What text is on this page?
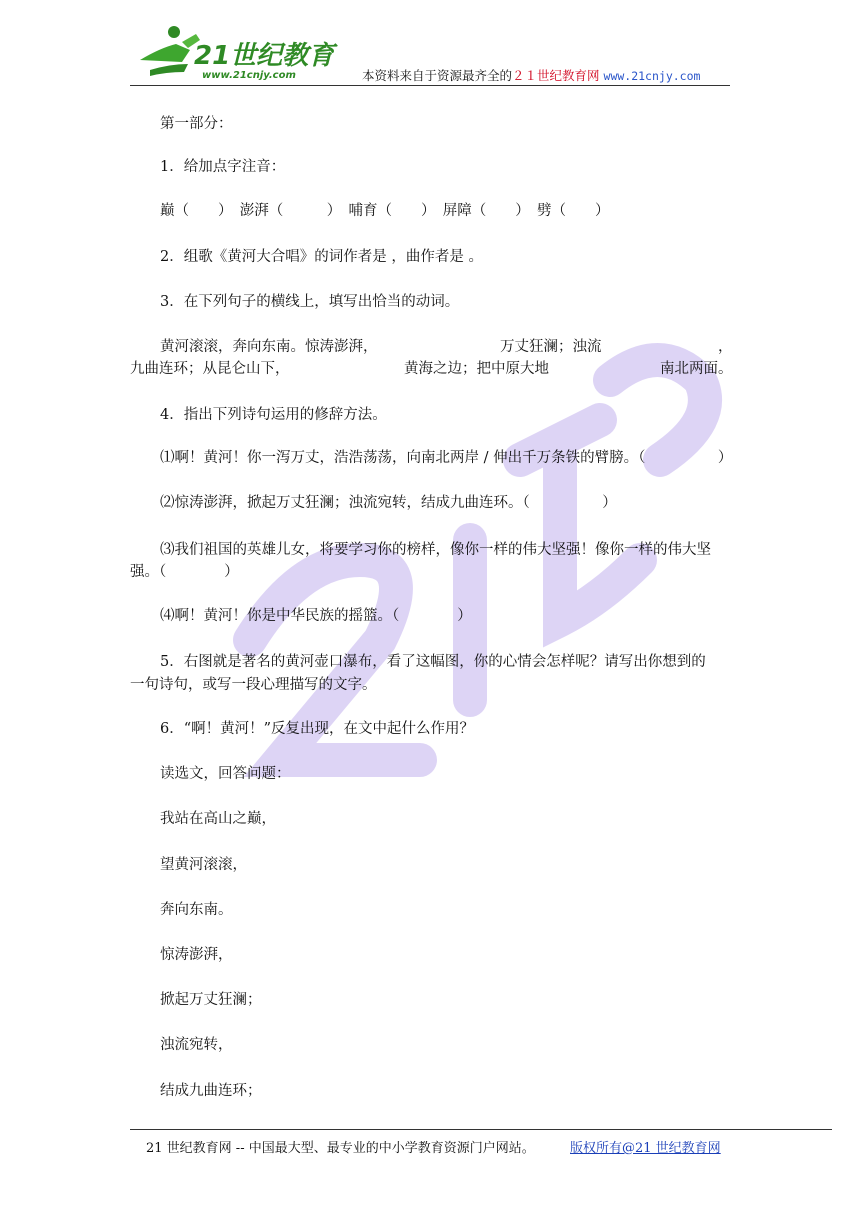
21世纪教育
www.21cnjy.com	本资料来自于资源最齐全的２１世纪教育网 www.21cnjy.com
第一部分：
1．给加点字注音：
巅（　　）　澎湃（　　　）　哺育（　　）　屏障（　　）　劈（　　）
2．组歌《黄河大合唱》的词作者是 ，曲作者是 。
3．在下列句子的横线上，填写出恰当的动词。
黄河滚滚，奔向东南。惊涛澎湃，	万丈狂澜；浊流	，
九曲连环；从昆仑山下，	黄海之边；把中原大地	南北两面。
4．指出下列诗句运用的修辞方法。
⑴啊！黄河！你一泻万丈，浩浩荡荡，向南北两岸 / 伸出千万条铁的臂膀。（　　　　　）
⑵惊涛澎湃，掀起万丈狂澜；浊流宛转，结成九曲连环。（　　　　　）
⑶我们祖国的英雄儿女，将要学习你的榜样，像你一样的伟大坚强！像你一样的伟大坚
强。（　　　　）
⑷啊！黄河！你是中华民族的摇篮。（　　　　）
5．右图就是著名的黄河壶口瀑布，看了这幅图，你的心情会怎样呢？请写出你想到的
一句诗句，或写一段心理描写的文字。
6．“啊！黄河！”反复出现，在文中起什么作用？
读选文，回答问题：
我站在高山之巅，
望黄河滚滚，
奔向东南。
惊涛澎湃，
掀起万丈狂澜；
浊流宛转，
结成九曲连环；
21 世纪教育网 -- 中国最大型、最专业的中小学教育资源门户网站。	版权所有@21 世纪教育网
